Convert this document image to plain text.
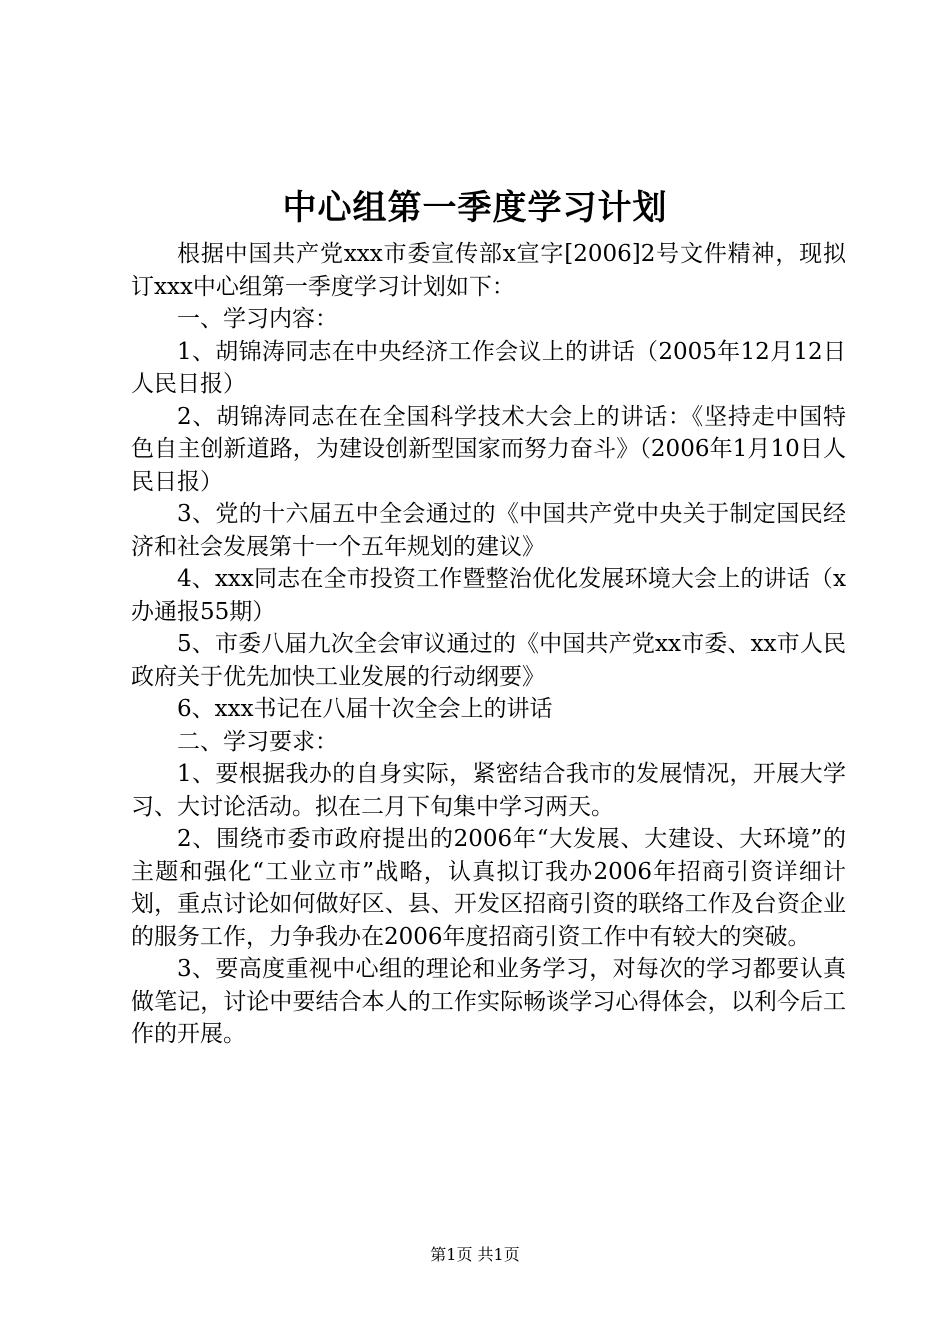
中心组第一季度学习计划

根据中国共产党xxx市委宣传部x宣字[2006]2号文件精神，现拟订xxx中心组第一季度学习计划如下：

一、学习内容：

1、胡锦涛同志在中央经济工作会议上的讲话（2005年12月12日人民日报）

2、胡锦涛同志在在全国科学技术大会上的讲话：《坚持走中国特色自主创新道路，为建设创新型国家而努力奋斗》（2006年1月10日人民日报）

3、党的十六届五中全会通过的《中国共产党中央关于制定国民经济和社会发展第十一个五年规划的建议》

4、xxx同志在全市投资工作暨整治优化发展环境大会上的讲话（x办通报55期）

5、市委八届九次全会审议通过的《中国共产党xx市委、xx市人民政府关于优先加快工业发展的行动纲要》

6、xxx书记在八届十次全会上的讲话

二、学习要求：

1、要根据我办的自身实际，紧密结合我市的发展情况，开展大学习、大讨论活动。拟在二月下旬集中学习两天。

2、围绕市委市政府提出的2006年“大发展、大建设、大环境”的主题和强化“工业立市”战略，认真拟订我办2006年招商引资详细计划，重点讨论如何做好区、县、开发区招商引资的联络工作及台资企业的服务工作，力争我办在2006年度招商引资工作中有较大的突破。

3、要高度重视中心组的理论和业务学习，对每次的学习都要认真做笔记，讨论中要结合本人的工作实际畅谈学习心得体会，以利今后工作的开展。

第1页 共1页
